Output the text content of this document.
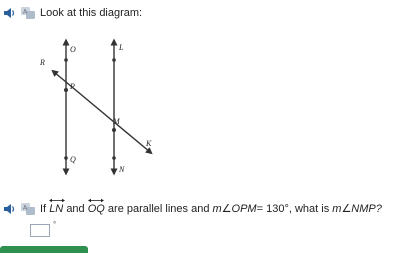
A Look at this diagram:
O	L
R
P
M
K
Q
N
A If LN and OQ are parallel lines and m∠OPM= 130°, what is m∠NMP?
°
